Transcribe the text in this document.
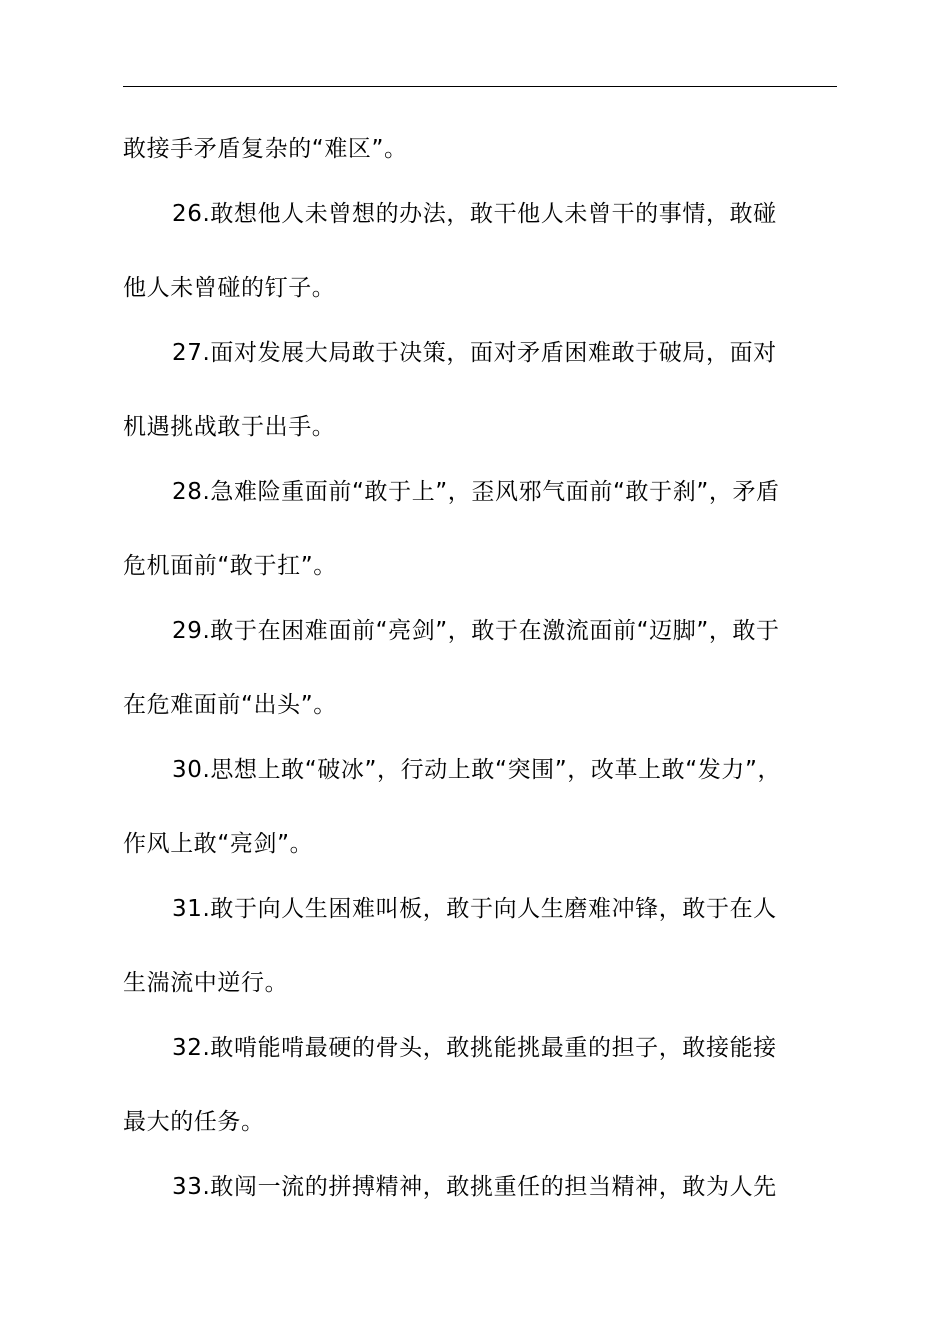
敢接手矛盾复杂的“难区”。
26.敢想他人未曾想的办法，敢干他人未曾干的事情，敢碰
他人未曾碰的钉子。
27.面对发展大局敢于决策，面对矛盾困难敢于破局，面对
机遇挑战敢于出手。
28.急难险重面前“敢于上”，歪风邪气面前“敢于刹”，矛盾
危机面前“敢于扛”。
29.敢于在困难面前“亮剑”，敢于在激流面前“迈脚”，敢于
在危难面前“出头”。
30.思想上敢“破冰”，行动上敢“突围”，改革上敢“发力”，
作风上敢“亮剑”。
31.敢于向人生困难叫板，敢于向人生磨难冲锋，敢于在人
生湍流中逆行。
32.敢啃能啃最硬的骨头，敢挑能挑最重的担子，敢接能接
最大的任务。
33.敢闯一流的拼搏精神，敢挑重任的担当精神，敢为人先
